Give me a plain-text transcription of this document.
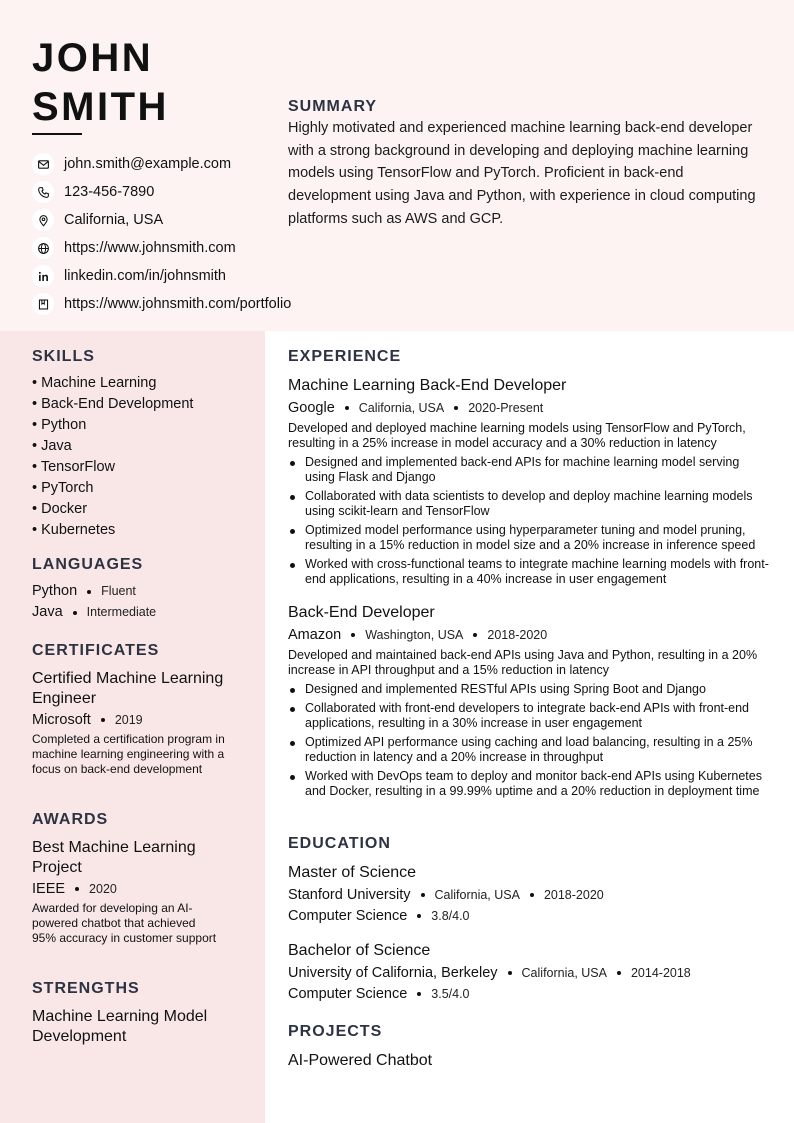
JOHN
SMITH
john.smith@example.com
123-456-7890
California, USA
https://www.johnsmith.com
linkedin.com/in/johnsmith
https://www.johnsmith.com/portfolio
SUMMARY
Highly motivated and experienced machine learning back-end developer with a strong background in developing and deploying machine learning models using TensorFlow and PyTorch. Proficient in back-end development using Java and Python, with experience in cloud computing platforms such as AWS and GCP.
SKILLS
• Machine Learning
• Back-End Development
• Python
• Java
• TensorFlow
• PyTorch
• Docker
• Kubernetes
LANGUAGES
Python Fluent
Java Intermediate
CERTIFICATES
Certified Machine Learning Engineer
Microsoft 2019
Completed a certification program in machine learning engineering with a focus on back-end development
AWARDS
Best Machine Learning Project
IEEE 2020
Awarded for developing an AI-powered chatbot that achieved 95% accuracy in customer support
STRENGTHS
Machine Learning Model Development
EXPERIENCE
Machine Learning Back-End Developer
Google California, USA 2020-Present
Developed and deployed machine learning models using TensorFlow and PyTorch, resulting in a 25% increase in model accuracy and a 30% reduction in latency
Designed and implemented back-end APIs for machine learning model serving using Flask and Django
Collaborated with data scientists to develop and deploy machine learning models using scikit-learn and TensorFlow
Optimized model performance using hyperparameter tuning and model pruning, resulting in a 15% reduction in model size and a 20% increase in inference speed
Worked with cross-functional teams to integrate machine learning models with front-end applications, resulting in a 40% increase in user engagement
Back-End Developer
Amazon Washington, USA 2018-2020
Developed and maintained back-end APIs using Java and Python, resulting in a 20% increase in API throughput and a 15% reduction in latency
Designed and implemented RESTful APIs using Spring Boot and Django
Collaborated with front-end developers to integrate back-end APIs with front-end applications, resulting in a 30% increase in user engagement
Optimized API performance using caching and load balancing, resulting in a 25% reduction in latency and a 20% increase in throughput
Worked with DevOps team to deploy and monitor back-end APIs using Kubernetes and Docker, resulting in a 99.99% uptime and a 20% reduction in deployment time
EDUCATION
Master of Science
Stanford University California, USA 2018-2020
Computer Science 3.8/4.0
Bachelor of Science
University of California, Berkeley California, USA 2014-2018
Computer Science 3.5/4.0
PROJECTS
AI-Powered Chatbot
